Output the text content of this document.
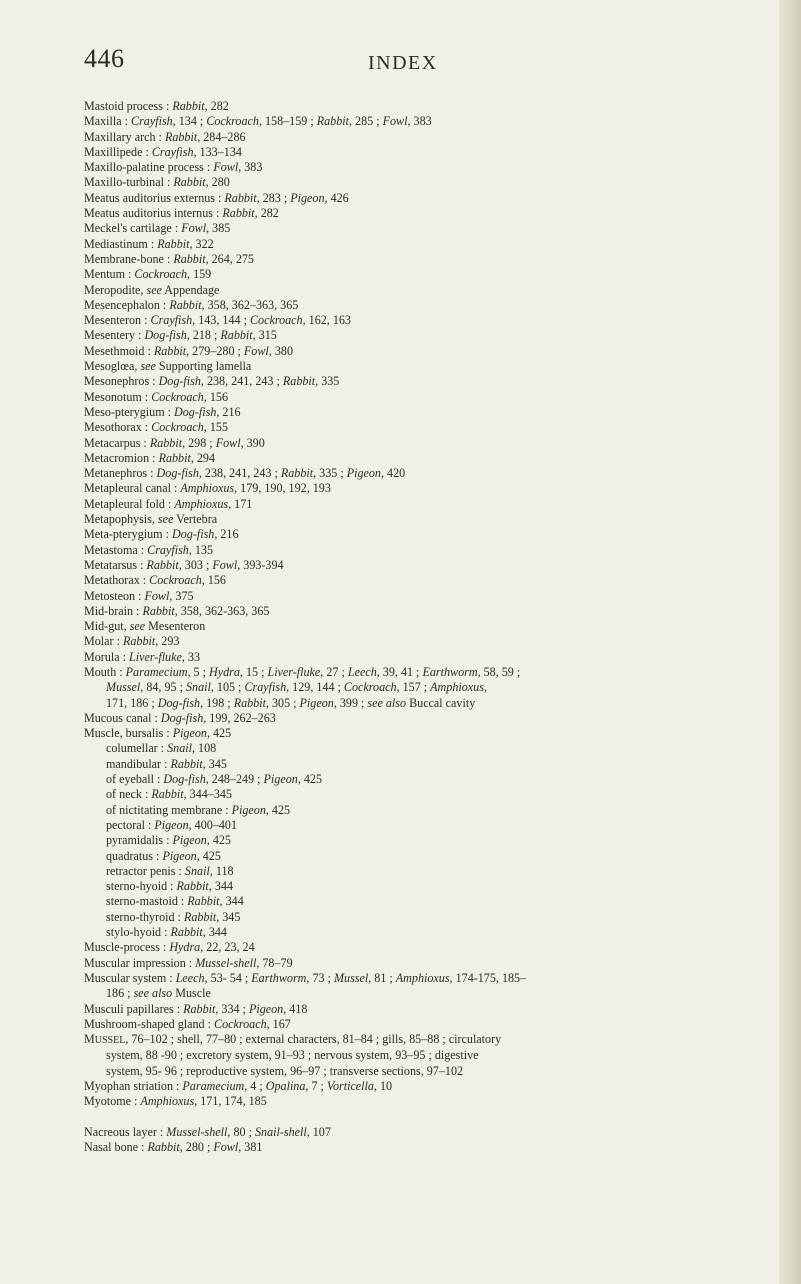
446	INDEX
Mastoid process : Rabbit, 282
Maxilla : Crayfish, 134 ; Cockroach, 158–159 ; Rabbit, 285 ; Fowl, 383
Maxillary arch : Rabbit, 284–286
Maxillipede : Crayfish, 133–134
Maxillo-palatine process : Fowl, 383
Maxillo-turbinal : Rabbit, 280
Meatus auditorius externus : Rabbit, 283 ; Pigeon, 426
Meatus auditorius internus : Rabbit, 282
Meckel's cartilage : Fowl, 385
Mediastinum : Rabbit, 322
Membrane-bone : Rabbit, 264, 275
Mentum : Cockroach, 159
Meropodite, see Appendage
Mesencephalon : Rabbit, 358, 362–363, 365
Mesenteron : Crayfish, 143, 144 ; Cockroach, 162, 163
Mesentery : Dog-fish, 218 ; Rabbit, 315
Mesethmoid : Rabbit, 279–280 ; Fowl, 380
Mesoglœa, see Supporting lamella
Mesonephros : Dog-fish, 238, 241, 243 ; Rabbit, 335
Mesonotum : Cockroach, 156
Meso-pterygium : Dog-fish, 216
Mesothorax : Cockroach, 155
Metacarpus : Rabbit, 298 ; Fowl, 390
Metacromion : Rabbit, 294
Metanephros : Dog-fish, 238, 241, 243 ; Rabbit, 335 ; Pigeon, 420
Metapleural canal : Amphioxus, 179, 190, 192, 193
Metapleural fold : Amphioxus, 171
Metapophysis, see Vertebra
Meta-pterygium : Dog-fish, 216
Metastoma : Crayfish, 135
Metatarsus : Rabbit, 303 ; Fowl, 393-394
Metathorax : Cockroach, 156
Metosteon : Fowl, 375
Mid-brain : Rabbit, 358, 362-363, 365
Mid-gut, see Mesenteron
Molar : Rabbit, 293
Morula : Liver-fluke, 33
Mouth : Paramecium, 5 ; Hydra, 15 ; Liver-fluke, 27 ; Leech, 39, 41 ; Earthworm, 58, 59 ;
Mussel, 84, 95 ; Snail, 105 ; Crayfish, 129, 144 ; Cockroach, 157 ; Amphioxus,
171, 186 ; Dog-fish, 198 ; Rabbit, 305 ; Pigeon, 399 ; see also Buccal cavity
Mucous canal : Dog-fish, 199, 262–263
Muscle, bursalis : Pigeon, 425
columellar : Snail, 108
mandibular : Rabbit, 345
of eyeball : Dog-fish, 248–249 ; Pigeon, 425
of neck : Rabbit, 344–345
of nictitating membrane : Pigeon, 425
pectoral : Pigeon, 400–401
pyramidalis : Pigeon, 425
quadratus : Pigeon, 425
retractor penis : Snail, 118
sterno-hyoid : Rabbit, 344
sterno-mastoid : Rabbit, 344
sterno-thyroid : Rabbit, 345
stylo-hyoid : Rabbit, 344
Muscle-process : Hydra, 22, 23, 24
Muscular impression : Mussel-shell, 78–79
Muscular system : Leech, 53- 54 ; Earthworm, 73 ; Mussel, 81 ; Amphioxus, 174-175, 185–
186 ; see also Muscle
Musculi papillares : Rabbit, 334 ; Pigeon, 418
Mushroom-shaped gland : Cockroach, 167
MUSSEL, 76–102 ; shell, 77–80 ; external characters, 81–84 ; gills, 85–88 ; circulatory
system, 88 -90 ; excretory system, 91–93 ; nervous system, 93–95 ; digestive
system, 95- 96 ; reproductive system, 96–97 ; transverse sections, 97–102
Myophan striation : Paramecium, 4 ; Opalina, 7 ; Vorticella, 10
Myotome : Amphioxus, 171, 174, 185
Nacreous layer : Mussel-shell, 80 ; Snail-shell, 107
Nasal bone : Rabbit, 280 ; Fowl, 381
